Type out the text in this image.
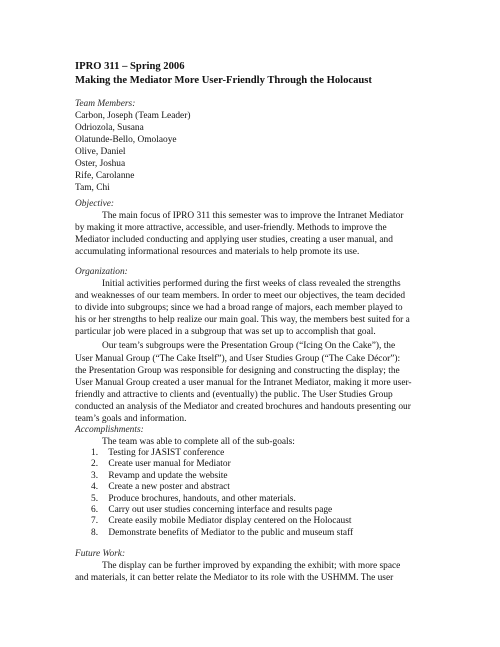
IPRO 311 – Spring 2006
Making the Mediator More User-Friendly Through the Holocaust
Team Members:
Carbon, Joseph (Team Leader)
Odriozola, Susana
Olatunde-Bello, Omolaoye
Olive, Daniel
Oster, Joshua
Rife, Carolanne
Tam, Chi
Objective:
The main focus of IPRO 311 this semester was to improve the Intranet Mediator
by making it more attractive, accessible, and user-friendly. Methods to improve the
Mediator included conducting and applying user studies, creating a user manual, and
accumulating informational resources and materials to help promote its use.
Organization:
Initial activities performed during the first weeks of class revealed the strengths
and weaknesses of our team members. In order to meet our objectives, the team decided
to divide into subgroups; since we had a broad range of majors, each member played to
his or her strengths to help realize our main goal. This way, the members best suited for a
particular job were placed in a subgroup that was set up to accomplish that goal.
Our team’s subgroups were the Presentation Group (“Icing On the Cake”), the
User Manual Group (“The Cake Itself”), and User Studies Group (“The Cake Décor”):
the Presentation Group was responsible for designing and constructing the display; the
User Manual Group created a user manual for the Intranet Mediator, making it more user-
friendly and attractive to clients and (eventually) the public. The User Studies Group
conducted an analysis of the Mediator and created brochures and handouts presenting our
team’s goals and information.
Accomplishments:
The team was able to complete all of the sub-goals:
1. Testing for JASIST conference
2. Create user manual for Mediator
3. Revamp and update the website
4. Create a new poster and abstract
5. Produce brochures, handouts, and other materials.
6. Carry out user studies concerning interface and results page
7. Create easily mobile Mediator display centered on the Holocaust
8. Demonstrate benefits of Mediator to the public and museum staff
Future Work:
The display can be further improved by expanding the exhibit; with more space
and materials, it can better relate the Mediator to its role with the USHMM. The user
